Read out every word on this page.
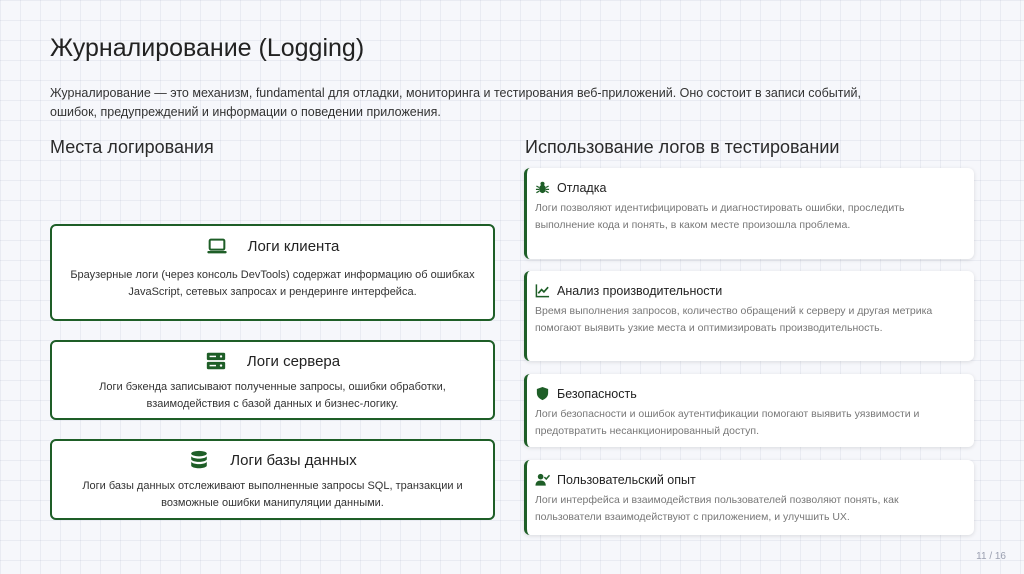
Журналирование (Logging)

Журналирование — это механизм, fundamental для отладки, мониторинга и тестирования веб-приложений. Оно состоит в записи событий, ошибок, предупреждений и информации о поведении приложения.

Места логирования	Использование логов в тестировании
Логи клиента
Браузерные логи (через консоль DevTools) содержат информацию об ошибках JavaScript, сетевых запросах и рендеринге интерфейса.
Логи сервера
Логи бэкенда записывают полученные запросы, ошибки обработки, взаимодействия с базой данных и бизнес-логику.
Логи базы данных
Логи базы данных отслеживают выполненные запросы SQL, транзакции и возможные ошибки манипуляции данными.
Отладка
Логи позволяют идентифицировать и диагностировать ошибки, проследить выполнение кода и понять, в каком месте произошла проблема.
Анализ производительности
Время выполнения запросов, количество обращений к серверу и другая метрика помогают выявить узкие места и оптимизировать производительность.
Безопасность
Логи безопасности и ошибок аутентификации помогают выявить уязвимости и предотвратить несанкционированный доступ.
Пользовательский опыт
Логи интерфейса и взаимодействия пользователей позволяют понять, как пользователи взаимодействуют с приложением, и улучшить UX.
11 / 16
